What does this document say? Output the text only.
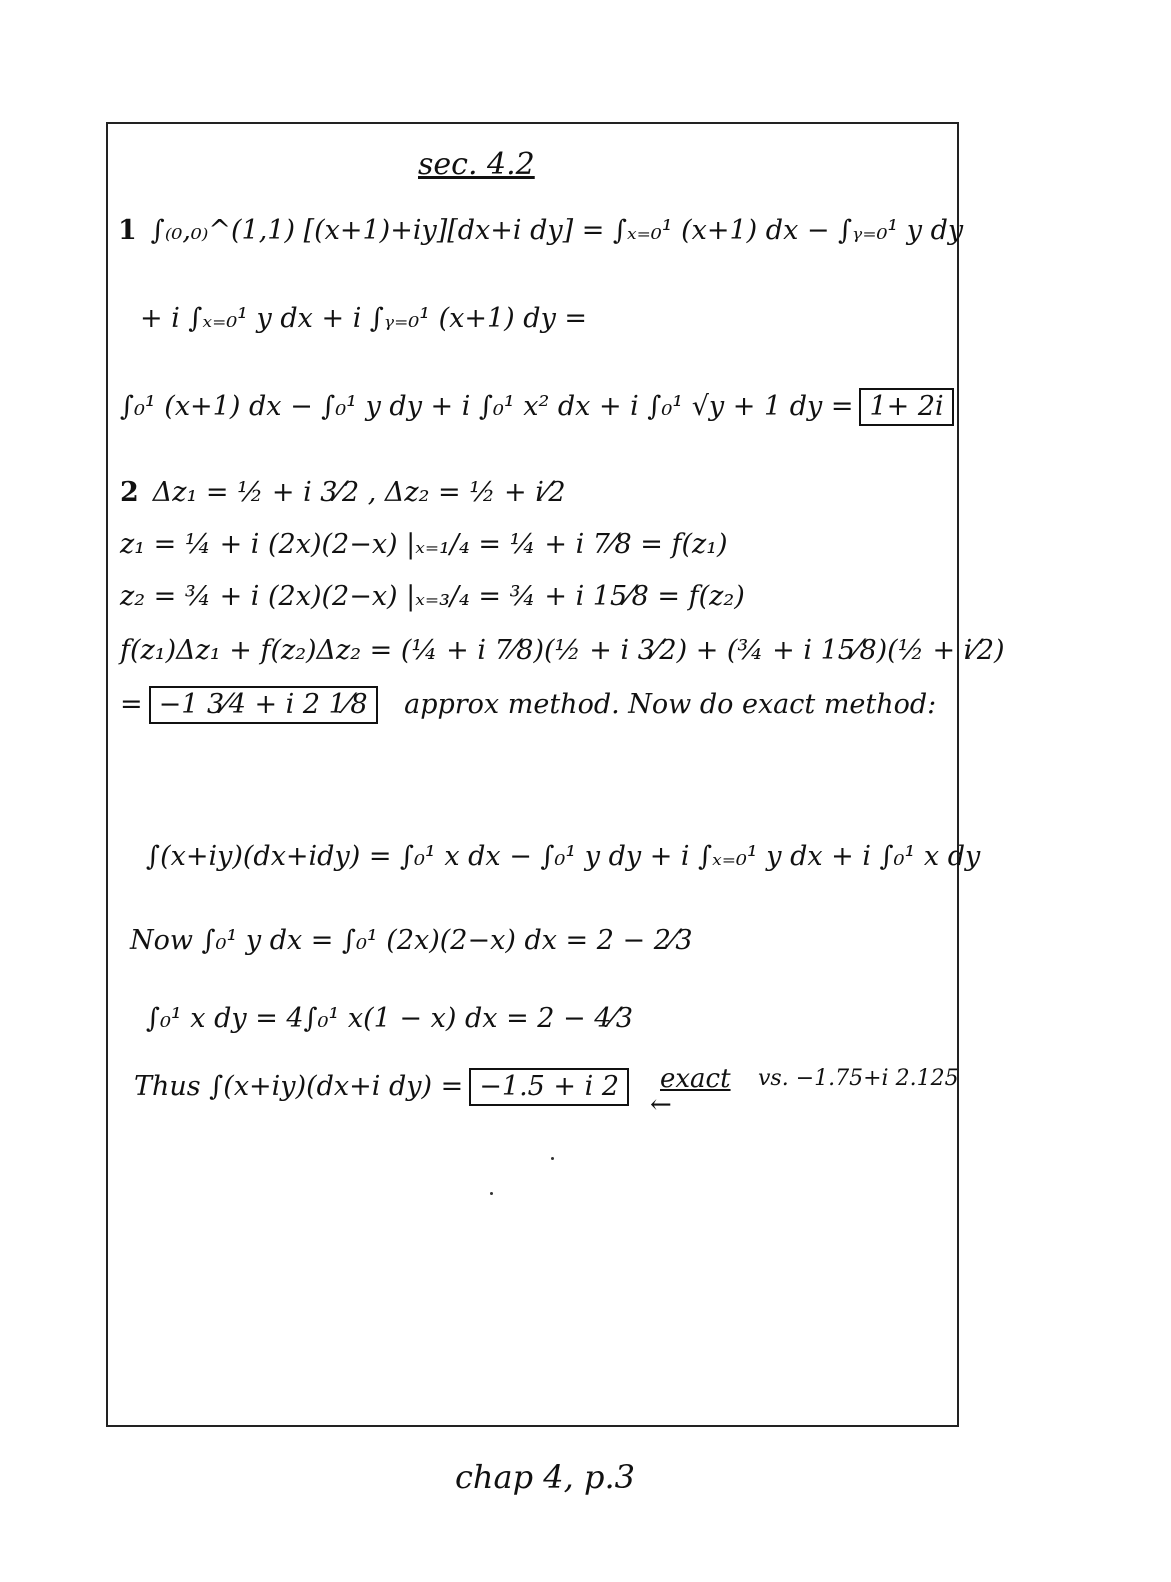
sec. 4.2
1 ∫₍₀,₀₎^(1,1) [(x+1)+iy][dx+i dy] = ∫ₓ₌₀¹ (x+1) dx − ∫ᵧ₌₀¹ y dy
+ i ∫ₓ₌₀¹ y dx + i ∫ᵧ₌₀¹ (x+1) dy =
∫₀¹ (x+1) dx − ∫₀¹ y dy + i ∫₀¹ x² dx + i ∫₀¹ √y + 1 dy = 1+ 2i
2 Δz₁ = ½ + i 3⁄2 , Δz₂ = ½ + i⁄2
z₁ = ¼ + i (2x)(2−x) |ₓ₌₁/₄ = ¼ + i 7⁄8 = f(z₁)
z₂ = ¾ + i (2x)(2−x) |ₓ₌₃/₄ = ¾ + i 15⁄8 = f(z₂)
f(z₁)Δz₁ + f(z₂)Δz₂ = (¼ + i 7⁄8)(½ + i 3⁄2) + (¾ + i 15⁄8)(½ + i⁄2)
= −1 3⁄4 + i 2 1⁄8 approx method. Now do exact method:
∫(x+iy)(dx+idy) = ∫₀¹ x dx − ∫₀¹ y dy + i ∫ₓ₌₀¹ y dx + i ∫₀¹ x dy
Now ∫₀¹ y dx = ∫₀¹ (2x)(2−x) dx = 2 − 2⁄3
∫₀¹ x dy = 4∫₀¹ x(1 − x) dx = 2 − 4⁄3
Thus ∫(x+iy)(dx+i dy) = −1.5 + i 2	exact
←
vs. −1.75+i 2.125
chap 4, p.3
